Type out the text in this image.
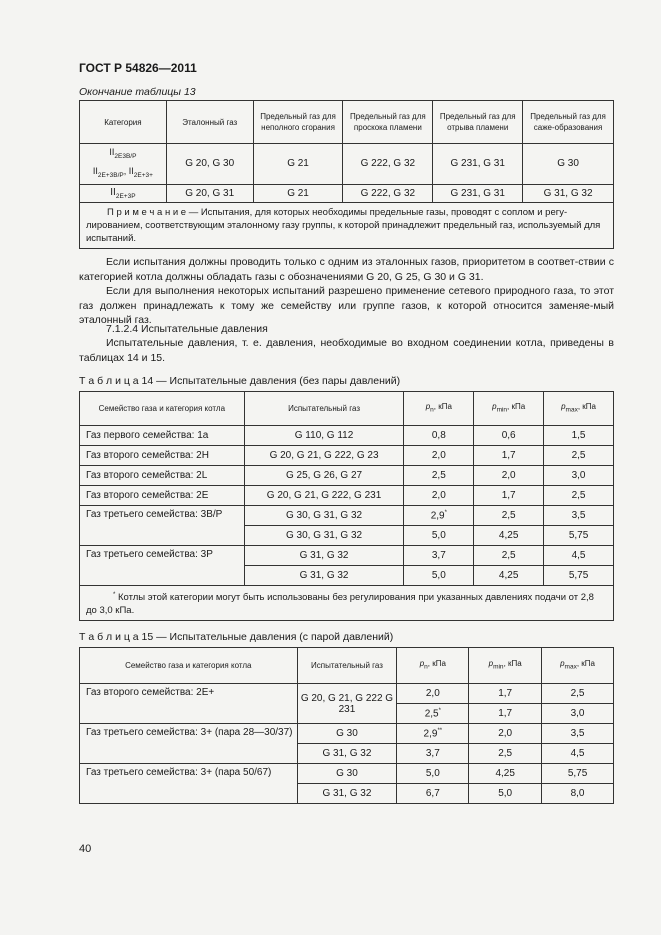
ГОСТ Р 54826—2011
Окончание таблицы 13
Категория	Эталонный газ	Предельный газ для неполного сгорания	Предельный газ для проскока пламени	Предельный газ для отрыва пламени	Предельный газ для саже-образования
$II_{2E3B/P}$
$II_{2E+3B/P}$, $II_{2E+3+}$	G 20, G 30	G 21	G 222, G 32	G 231, G 31	G 30
$II_{2E+3P}$	G 20, G 31	G 21	G 222, G 32	G 231, G 31	G 31, G 32
П р и м е ч а н и е — Испытания, для которых необходимы предельные газы, проводят с соплом и регу-лированием, соответствующим эталонному газу группы, к которой принадлежит предельный газ, используемый для испытаний.					
Если испытания должны проводить только с одним из эталонных газов, приоритетом в соответ-ствии с категорией котла должны обладать газы с обозначениями G 20, G 25, G 30 и G 31.
Если для выполнения некоторых испытаний разрешено применение сетевого природного газа, то этот газ должен принадлежать к тому же семейству или группе газов, к которой относится заменяе-мый эталонный газ.
7.1.2.4 Испытательные давления
Испытательные давления, т. е. давления, необходимые во входном соединении котла, приведены в таблицах 14 и 15.
Т а б л и ц а 14 — Испытательные давления (без пары давлений)
Семейство газа и категория котла	Испытательный газ	$p_n$, кПа	$p_{min}$, кПа	$p_{max}$, кПа
Газ первого семейства: 1а	G 110, G 112	0,8	0,6	1,5
Газ второго семейства: 2Н	G 20, G 21, G 222, G 23	2,0	1,7	2,5
Газ второго семейства: 2L	G 25, G 26, G 27	2,5	2,0	3,0
Газ второго семейства: 2Е	G 20, G 21, G 222, G 231	2,0	1,7	2,5
Газ третьего семейства: 3В/Р	G 30, G 31, G 32	2,9*	2,5	3,5
	G 30, G 31, G 32	5,0	4,25	5,75
Газ третьего семейства: 3Р	G 31, G 32	3,7	2,5	4,5
	G 31, G 32	5,0	4,25	5,75
* Котлы этой категории могут быть использованы без регулирования при указанных давлениях подачи от 2,8 до 3,0 кПа.				
Т а б л и ц а 15 — Испытательные давления (с парой давлений)
Семейство газа и категория котла	Испытательный газ	$p_n$, кПа	$p_{min}$, кПа	$p_{max}$, кПа
Газ второго семейства: 2Е+	G 20, G 21, G 222 G 231	2,0	1,7	2,5
		2,5*	1,7	3,0
Газ третьего семейства: 3+ (пара 28—30/37)	G 30	2,9**	2,0	3,5
	G 31, G 32	3,7	2,5	4,5
Газ третьего семейства: 3+ (пара 50/67)	G 30	5,0	4,25	5,75
	G 31, G 32	6,7	5,0	8,0
40
